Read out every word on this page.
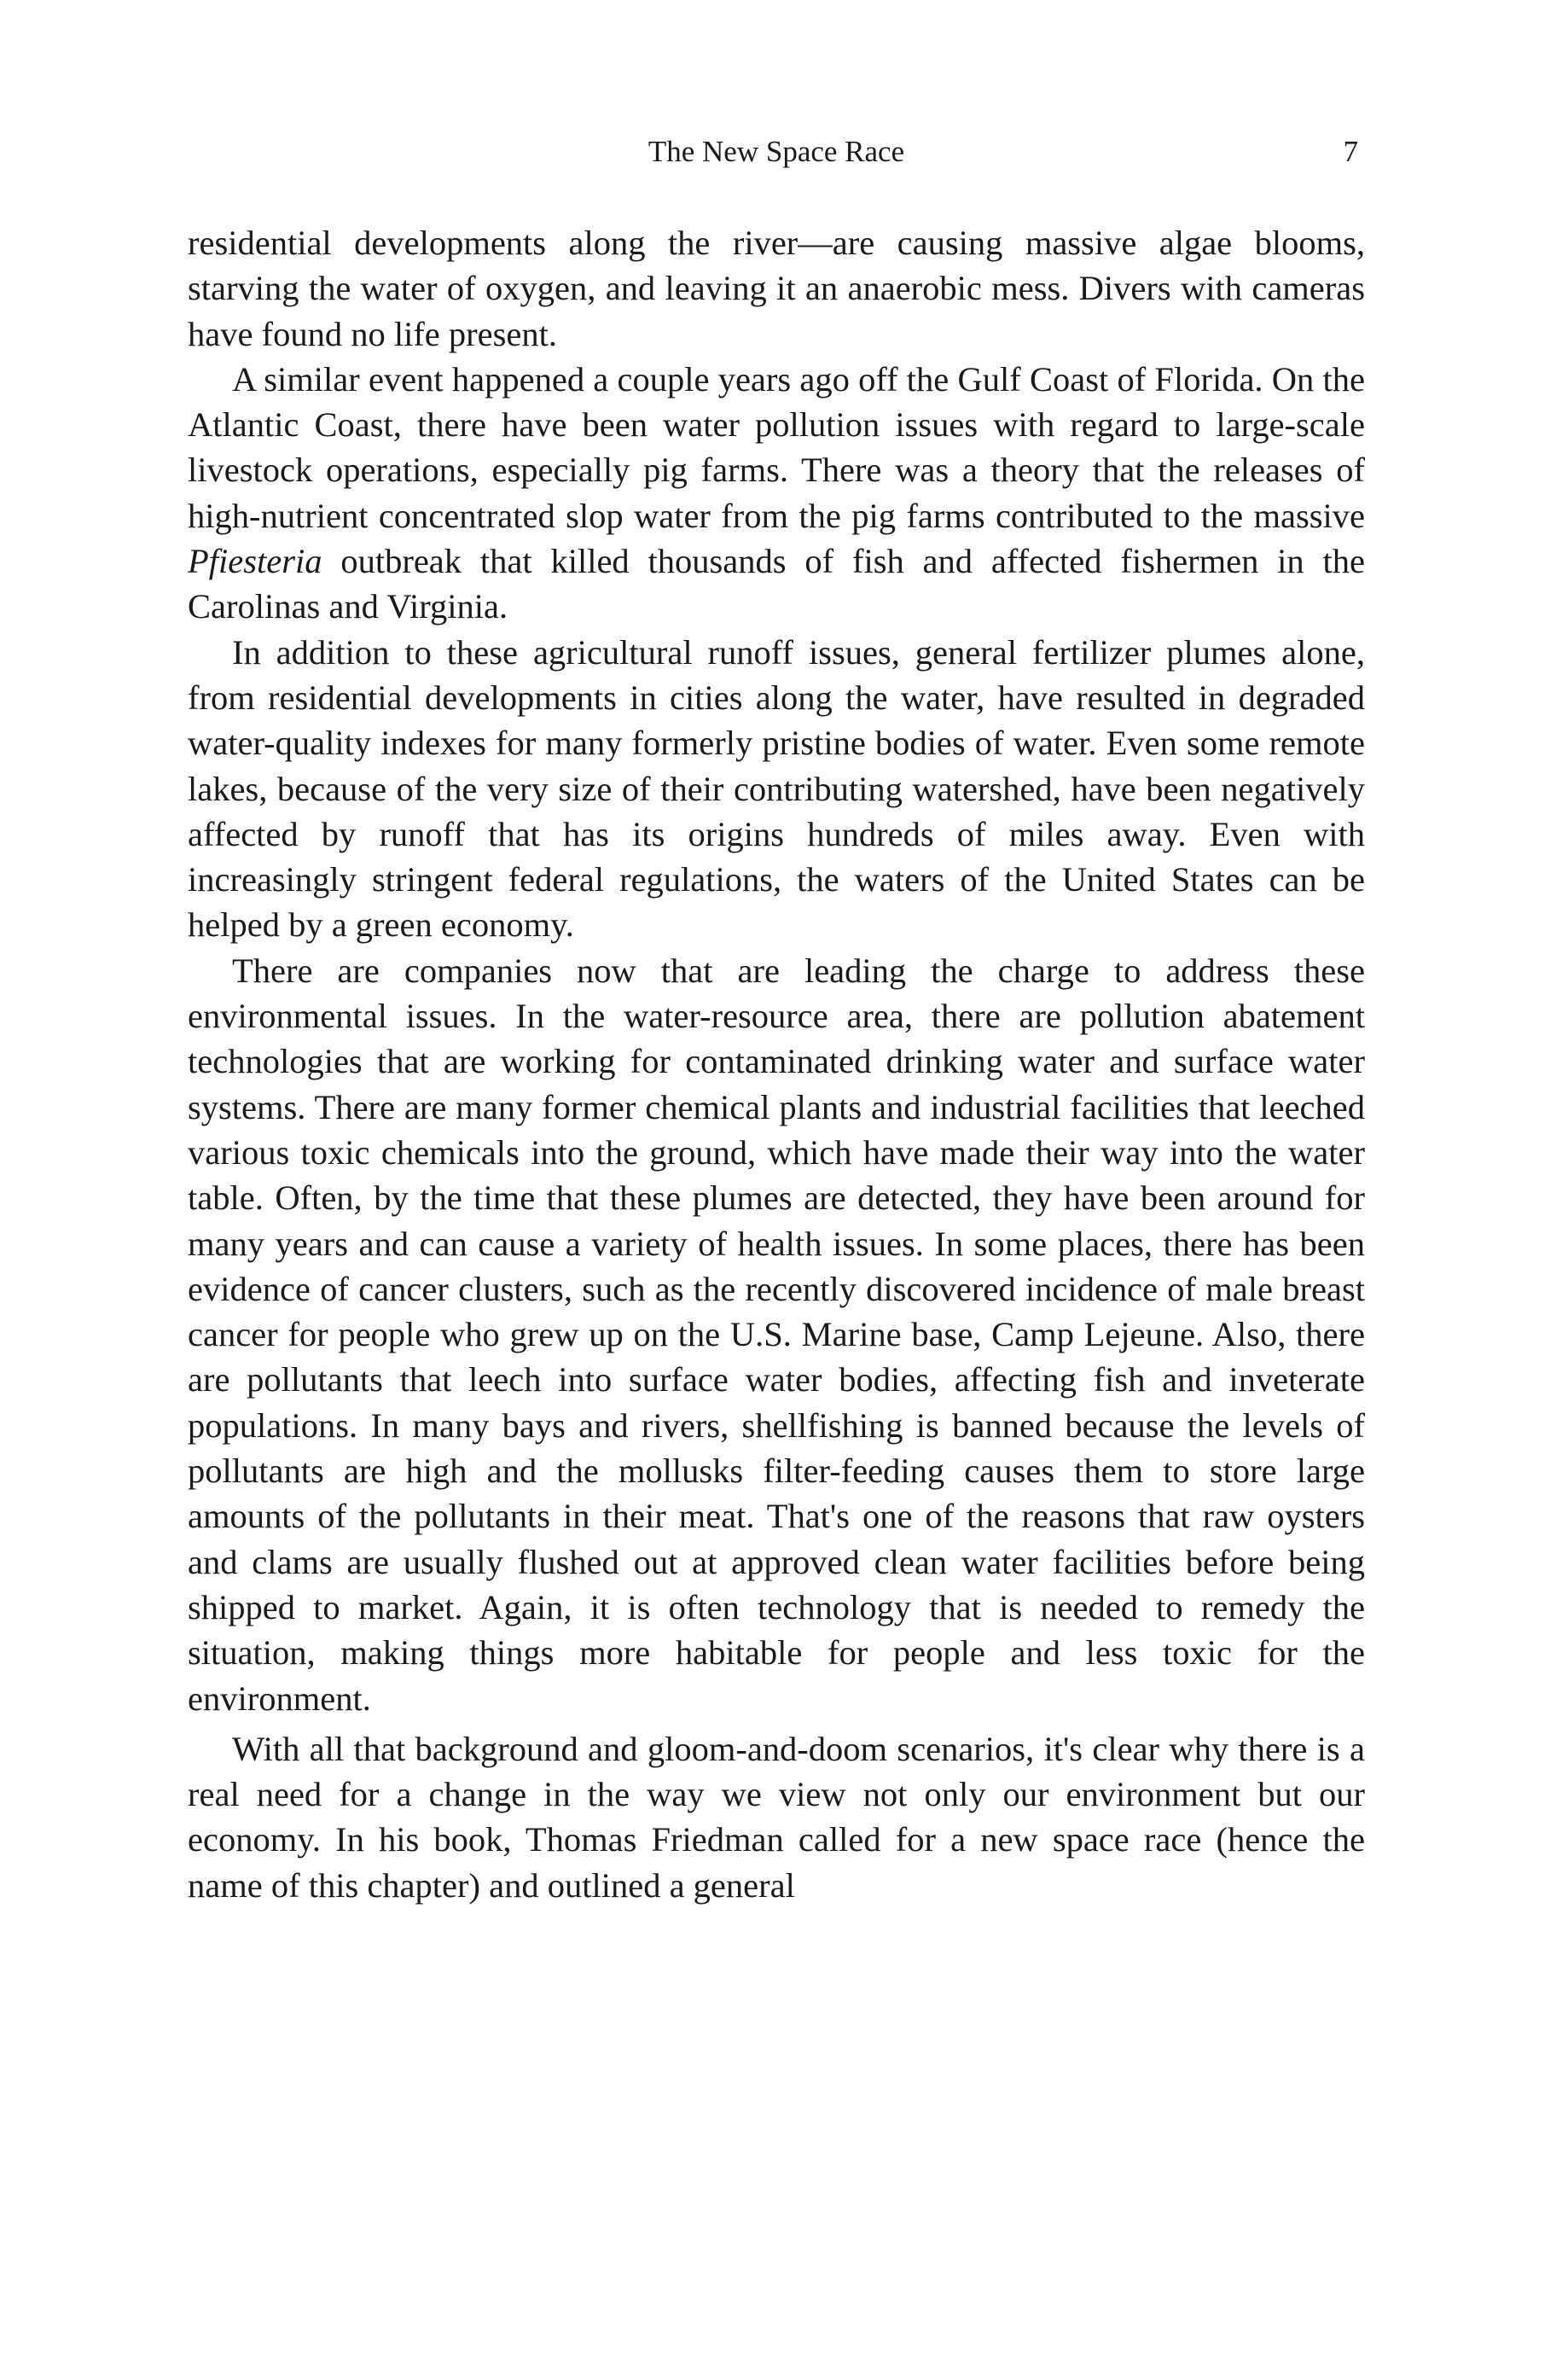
The New Space Race	7

residential developments along the river—are causing massive algae blooms, starving the water of oxygen, and leaving it an anaerobic mess. Divers with cameras have found no life present.

A similar event happened a couple years ago off the Gulf Coast of Florida. On the Atlantic Coast, there have been water pollution issues with regard to large-scale livestock operations, especially pig farms. There was a theory that the releases of high-nutrient concentrated slop water from the pig farms contributed to the massive Pfiesteria outbreak that killed thousands of fish and affected fishermen in the Carolinas and Virginia.

In addition to these agricultural runoff issues, general fertilizer plumes alone, from residential developments in cities along the water, have resulted in degraded water-quality indexes for many formerly pristine bodies of water. Even some remote lakes, because of the very size of their contributing watershed, have been negatively affected by runoff that has its origins hundreds of miles away. Even with increasingly stringent federal regulations, the waters of the United States can be helped by a green economy.

There are companies now that are leading the charge to address these environmental issues. In the water-resource area, there are pollution abatement technologies that are working for contaminated drinking water and surface water systems. There are many former chemical plants and industrial facilities that leeched various toxic chemicals into the ground, which have made their way into the water table. Often, by the time that these plumes are detected, they have been around for many years and can cause a variety of health issues. In some places, there has been evidence of cancer clusters, such as the recently discovered incidence of male breast cancer for people who grew up on the U.S. Marine base, Camp Lejeune. Also, there are pollutants that leech into surface water bodies, affecting fish and inveterate populations. In many bays and rivers, shellfishing is banned because the levels of pollutants are high and the mollusks filter-feeding causes them to store large amounts of the pollutants in their meat. That's one of the reasons that raw oysters and clams are usually flushed out at approved clean water facilities before being shipped to market. Again, it is often technology that is needed to remedy the situation, making things more habitable for people and less toxic for the environment.

With all that background and gloom-and-doom scenarios, it's clear why there is a real need for a change in the way we view not only our environment but our economy. In his book, Thomas Friedman called for a new space race (hence the name of this chapter) and outlined a general
